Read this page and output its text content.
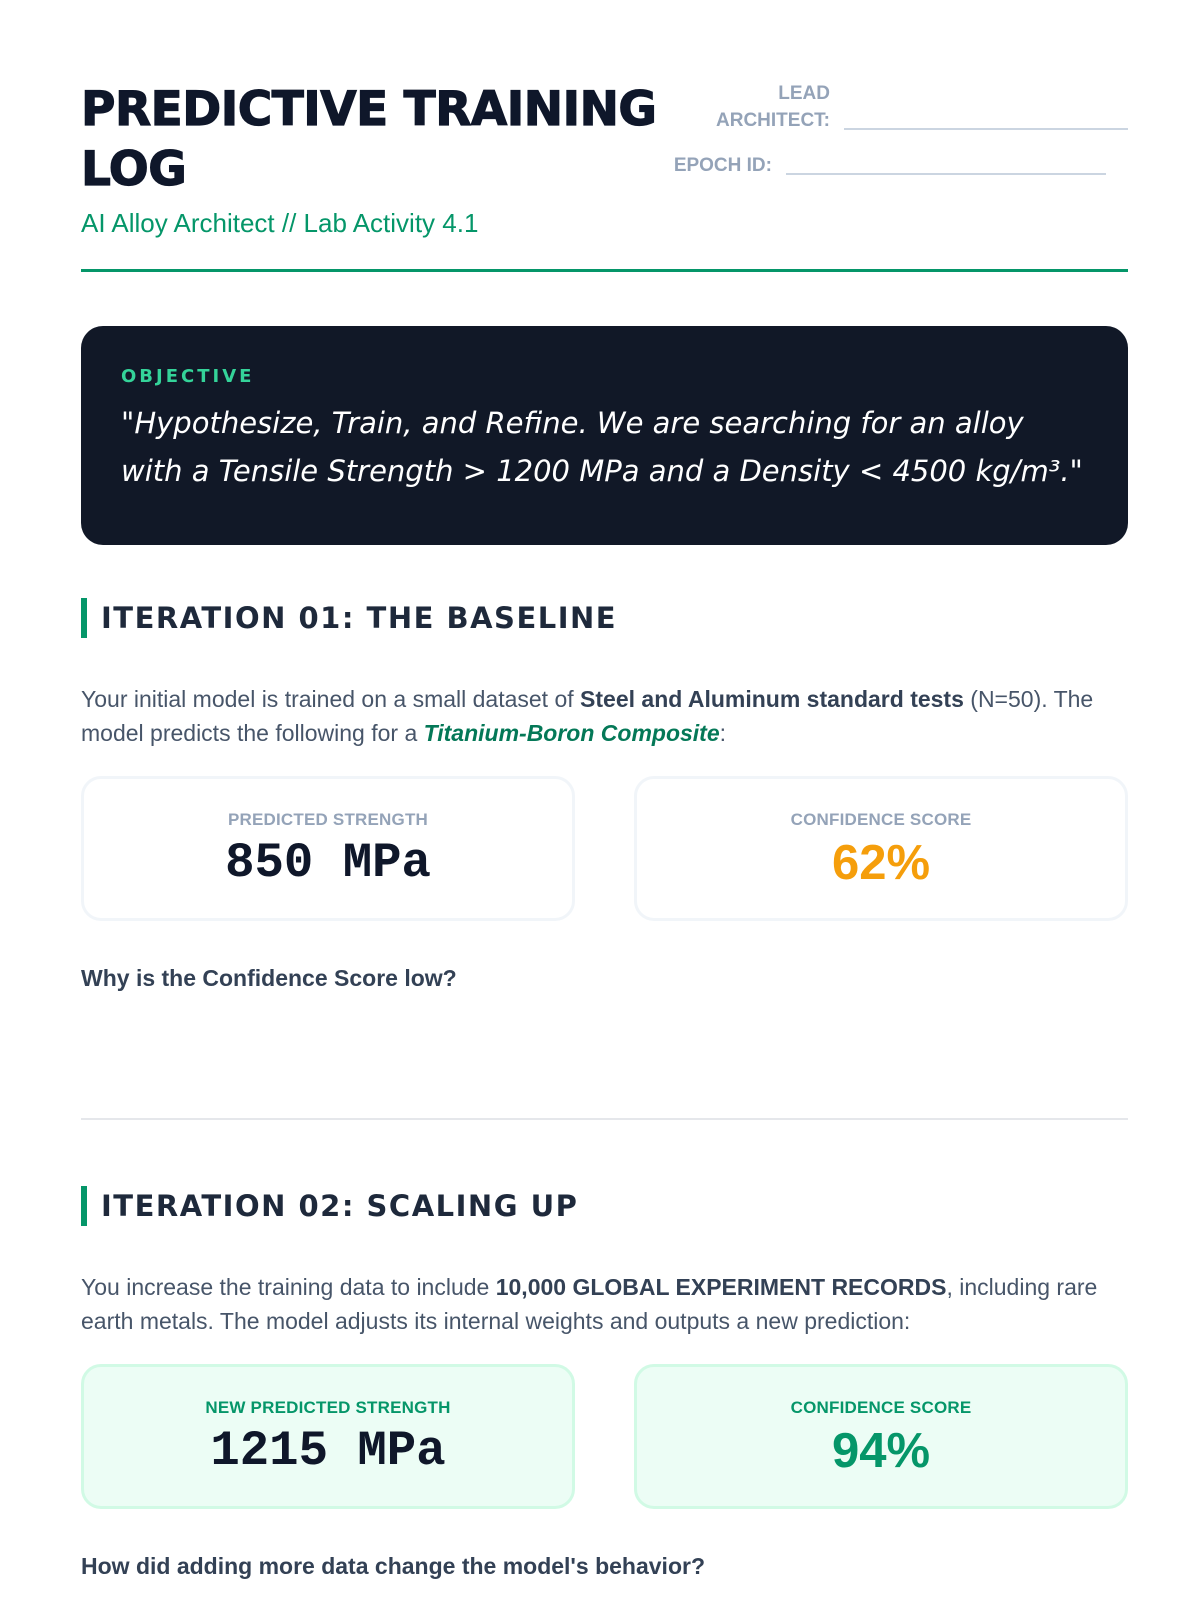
PREDICTIVE TRAINING LOG

AI Alloy Architect // Lab Activity 4.1

LEAD ARCHITECT:
EPOCH ID:

OBJECTIVE

"Hypothesize, Train, and Refine. We are searching for an alloy with a Tensile Strength > 1200 MPa and a Density < 4500 kg/m³."

ITERATION 01: THE BASELINE

Your initial model is trained on a small dataset of Steel and Aluminum standard tests (N=50). The model predicts the following for a Titanium-Boron Composite:

PREDICTED STRENGTH

850 MPa

CONFIDENCE SCORE

62%

Why is the Confidence Score low?

ITERATION 02: SCALING UP

You increase the training data to include 10,000 GLOBAL EXPERIMENT RECORDS, including rare earth metals. The model adjusts its internal weights and outputs a new prediction:

NEW PREDICTED STRENGTH

1215 MPa

CONFIDENCE SCORE

94%

How did adding more data change the model's behavior?
